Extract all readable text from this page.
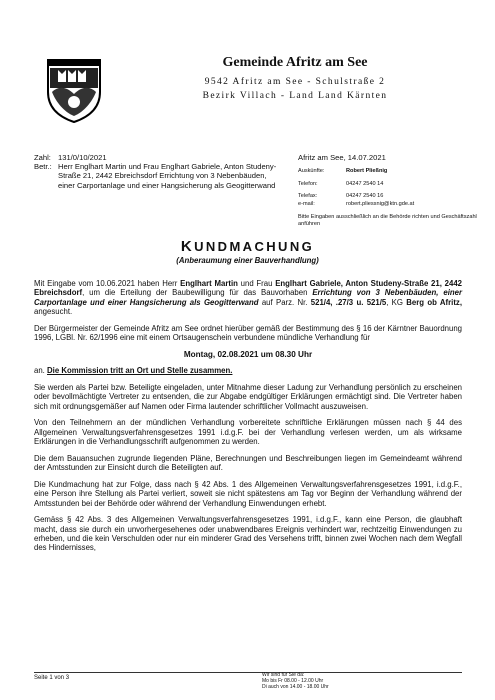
Gemeinde Afritz am See
9542 Afritz am See - Schulstraße 2
Bezirk Villach - Land Land Kärnten
Zahl: 131/0/10/2021
Betr.: Herr Englhart Martin und Frau Englhart Gabriele, Anton Studeny-Straße 21, 2442 Ebreichsdorf Errichtung von 3 Nebenbäuden, einer Carportanlage und einer Hangsicherung als Geogitterwand
Afritz am See, 14.07.2021
Auskünfte:	Robert Pließnig
Telefon:	04247 2540 14
Telefax:	04247 2540 16
e-mail:	robert.pliessnig@ktn.gde.at
Bitte Eingaben ausschließlich an die Behörde richten und Geschäftszahl anführen
KUNDMACHUNG
(Anberaumung einer Bauverhandlung)

Mit Eingabe vom 10.06.2021 haben Herr Englhart Martin und Frau Englhart Gabriele, Anton Studeny-Straße 21, 2442 Ebreichsdorf, um die Erteilung der Baubewilligung für das Bauvorhaben Errichtung von 3 Nebenbäuden, einer Carportanlage und einer Hangsicherung als Geogitterwand auf Parz. Nr. 521/4, .27/3 u. 521/5, KG Berg ob Afritz, angesucht.

Der Bürgermeister der Gemeinde Afritz am See ordnet hierüber gemäß der Bestimmung des § 16 der Kärntner Bauordnung 1996, LGBl. Nr. 62/1996 eine mit einem Ortsaugenschein verbundene mündliche Verhandlung für

Montag, 02.08.2021 um 08.30 Uhr

an. Die Kommission tritt an Ort und Stelle zusammen.

Sie werden als Partei bzw. Beteiligte eingeladen, unter Mitnahme dieser Ladung zur Verhandlung persönlich zu erscheinen oder bevollmächtigte Vertreter zu entsenden, die zur Abgabe endgültiger Erklärungen ermächtigt sind. Die Vertreter haben sich mit ordnungsgemäßer auf Namen oder Firma lautender schriftlicher Vollmacht auszuweisen.

Von den Teilnehmern an der mündlichen Verhandlung vorbereitete schriftliche Erklärungen müssen nach § 44 des Allgemeinen Verwaltungsverfahrensgesetzes 1991 i.d.g.F. bei der Verhandlung verlesen werden, um als wirksame Erklärungen in die Verhandlungsschrift aufgenommen zu werden.

Die dem Bauansuchen zugrunde liegenden Pläne, Berechnungen und Beschreibungen liegen im Gemeindeamt während der Amtsstunden zur Einsicht durch die Beteiligten auf.

Die Kundmachung hat zur Folge, dass nach § 42 Abs. 1 des Allgemeinen Verwaltungsverfahrensgesetzes 1991, i.d.g.F., eine Person ihre Stellung als Partei verliert, soweit sie nicht spätestens am Tag vor Beginn der Verhandlung während der Amtsstunden bei der Behörde oder während der Verhandlung Einwendungen erhebt.

Gemäss § 42 Abs. 3 des Allgemeinen Verwaltungsverfahrensgesetzes 1991, i.d.g.F., kann eine Person, die glaubhaft macht, dass sie durch ein unvorhergesehenes oder unabwendbares Ereignis verhindert war, rechtzeitig Einwendungen zu erheben, und die kein Verschulden oder nur ein minderer Grad des Versehens trifft, binnen zwei Wochen nach dem Wegfall des Hindernisses,

Seite 1 von 3	Wir sind für Sie da:
Mo bis Fr 08.00 - 12.00 Uhr
Di auch von 14.00 - 18.00 Uhr
